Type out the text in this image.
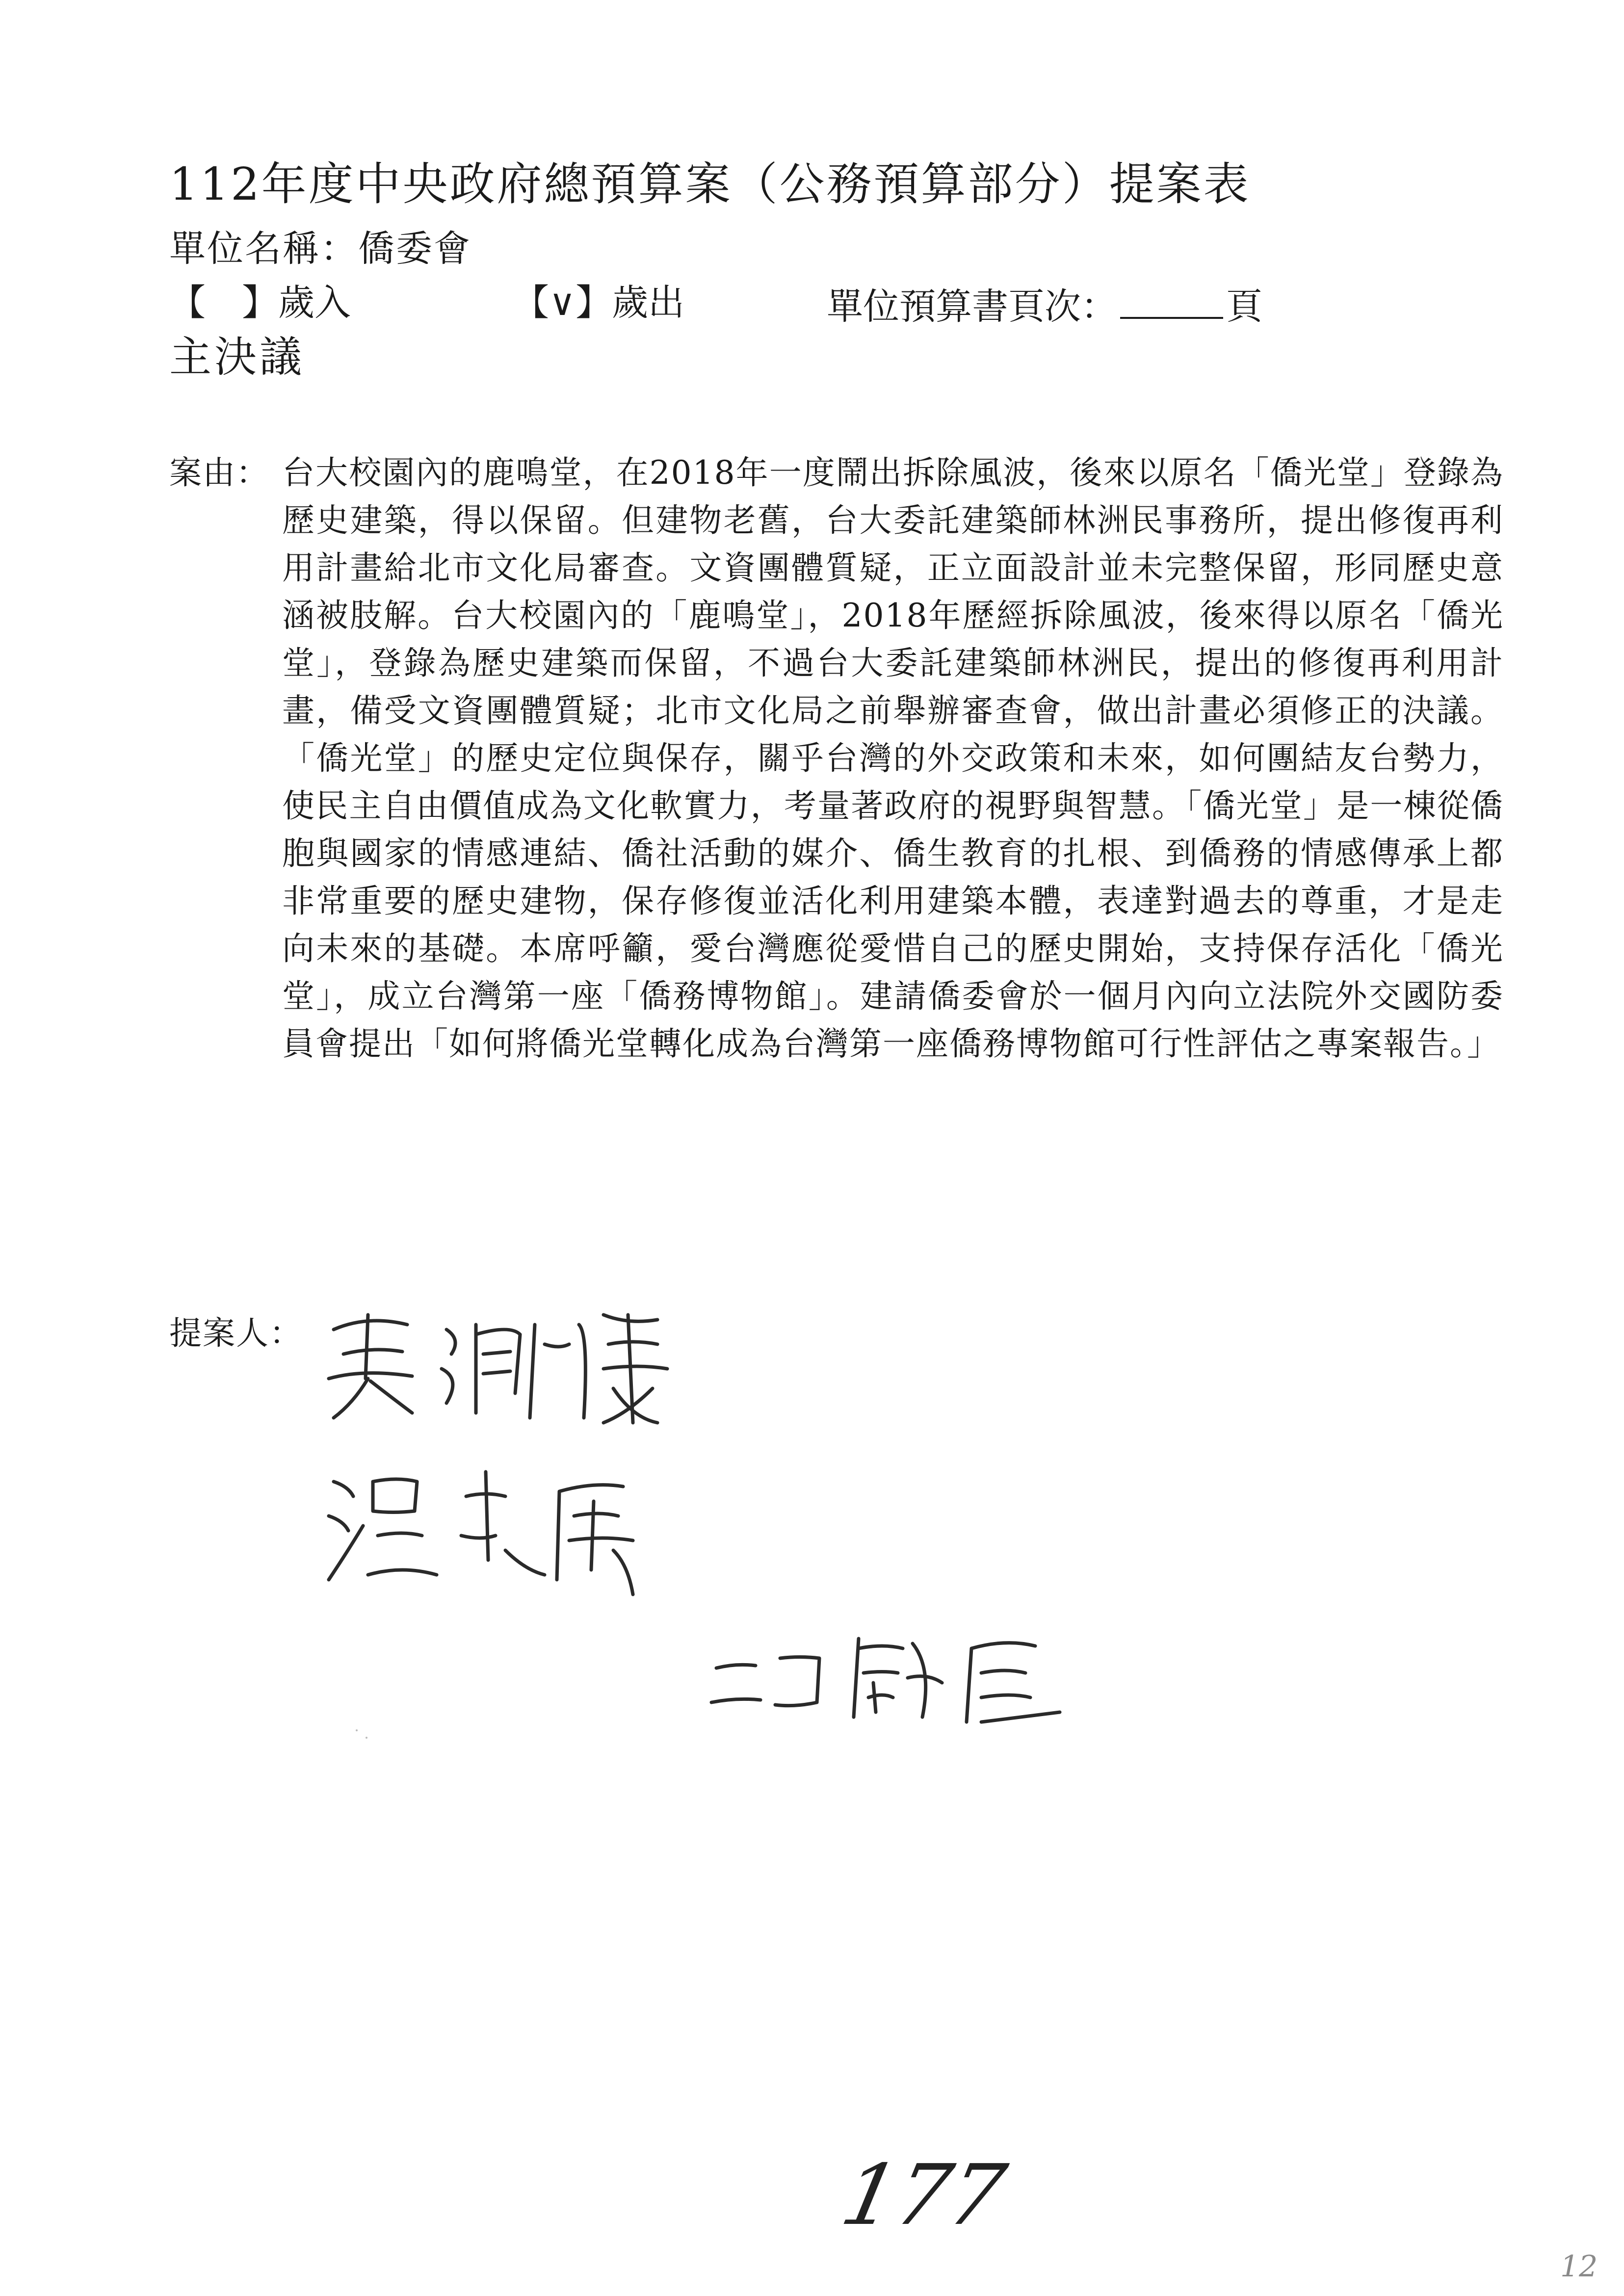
112年度中央政府總預算案（公務預算部分）提案表
單位名稱：僑委會
【　】歲入	【∨】歲出	單位預算書頁次：	頁
主決議
案由： 台大校園內的鹿鳴堂，在2018年一度鬧出拆除風波，後來以原名「僑光堂」登錄為歷史建築，得以保留。但建物老舊，台大委託建築師林洲民事務所，提出修復再利用計畫給北市文化局審查。文資團體質疑，正立面設計並未完整保留，形同歷史意涵被肢解。台大校園內的「鹿鳴堂」，2018年歷經拆除風波，後來得以原名「僑光堂」，登錄為歷史建築而保留，不過台大委託建築師林洲民，提出的修復再利用計畫，備受文資團體質疑；北市文化局之前舉辦審查會，做出計畫必須修正的決議。「僑光堂」的歷史定位與保存，關乎台灣的外交政策和未來，如何團結友台勢力，使民主自由價值成為文化軟實力，考量著政府的視野與智慧。「僑光堂」是一棟從僑胞與國家的情感連結、僑社活動的媒介、僑生教育的扎根、到僑務的情感傳承上都非常重要的歷史建物，保存修復並活化利用建築本體，表達對過去的尊重，才是走向未來的基礎。本席呼籲，愛台灣應從愛惜自己的歷史開始，支持保存活化「僑光堂」，成立台灣第一座「僑務博物館」。建請僑委會於一個月內向立法院外交國防委員會提出「如何將僑光堂轉化成為台灣第一座僑務博物館可行性評估之專案報告。」
提案人：
177
12
